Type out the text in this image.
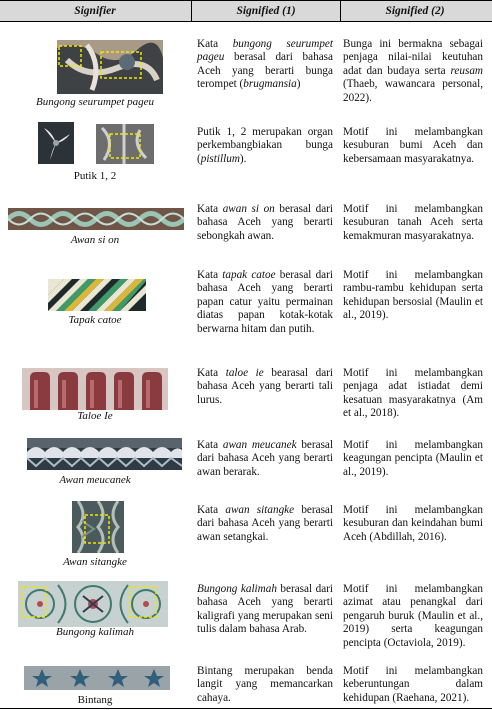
Signifier	Signified (1)	Signified (2)
Bungong seurumpet pageu

Kata bungong seurumpet pageu berasal dari bahasa Aceh yang berarti bunga terompet (brugmansia)

Bunga ini bermakna sebagai penjaga nilai-nilai keutuhan adat dan budaya serta reusam (Thaeb, wawancara personal, 2022).

Putik 1, 2

Putik 1, 2 merupakan organ perkembangbiakan bunga (pistillum).

Motif ini melambangkan kesuburan bumi Aceh dan kebersamaan masyarakatnya.

Awan si on

Kata awan si on berasal dari bahasa Aceh yang berarti sebongkah awan.

Motif ini melambangkan kesuburan tanah Aceh serta kemakmuran masyarakatnya.

Tapak catoe

Kata tapak catoe berasal dari bahasa Aceh yang berarti papan catur yaitu permainan diatas papan kotak-kotak berwarna hitam dan putih.

Motif ini melambangkan rambu-rambu kehidupan serta kehidupan bersosial (Maulin et al., 2019).

Taloe Ie

Kata taloe ie bearasal dari bahasa Aceh yang berarti tali lurus.

Motif ini melambangkan penjaga adat istiadat demi kesatuan masyarakatnya (Am et al., 2018).

Awan meucanek

Kata awan meucanek berasal dari bahasa Aceh yang berarti awan berarak.

Motif ini melambangkan keagungan pencipta (Maulin et al., 2019).

Awan sitangke

Kata awan sitangke berasal dari bahasa Aceh yang berarti awan setangkai.

Motif ini melambangkan kesuburan dan keindahan bumi Aceh (Abdillah, 2016).

Bungong kalimah

Bungong kalimah berasal dari bahasa Aceh yang berarti kaligrafi yang merupakan seni tulis dalam bahasa Arab.

Motif ini melambangkan azimat atau penangkal dari pengaruh buruk (Maulin et al., 2019) serta keagungan pencipta (Octaviola, 2019).

Bintang

Bintang merupakan benda langit yang memancarkan cahaya.

Motif ini melambangkan keberuntungan dalam kehidupan (Raehana, 2021).
